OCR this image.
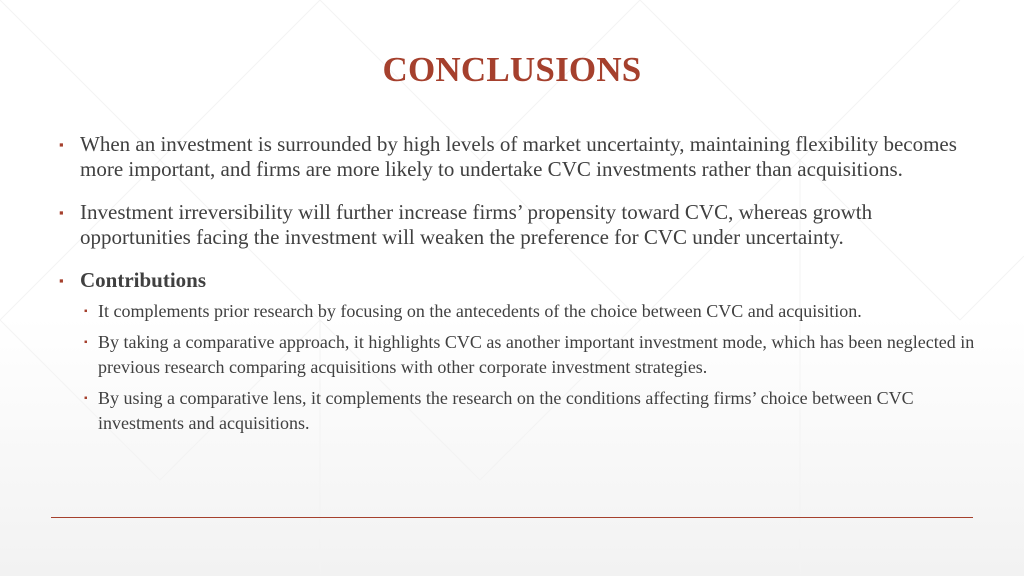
CONCLUSIONS
▪ When an investment is surrounded by high levels of market uncertainty, maintaining flexibility becomes more important, and firms are more likely to undertake CVC investments rather than acquisitions.
▪ Investment irreversibility will further increase firms’ propensity toward CVC, whereas growth opportunities facing the investment will weaken the preference for CVC under uncertainty.
▪ Contributions
▪ It complements prior research by focusing on the antecedents of the choice between CVC and acquisition.
▪ By taking a comparative approach, it highlights CVC as another important investment mode, which has been neglected in previous research comparing acquisitions with other corporate investment strategies.
▪ By using a comparative lens, it complements the research on the conditions affecting firms’ choice between CVC investments and acquisitions.
